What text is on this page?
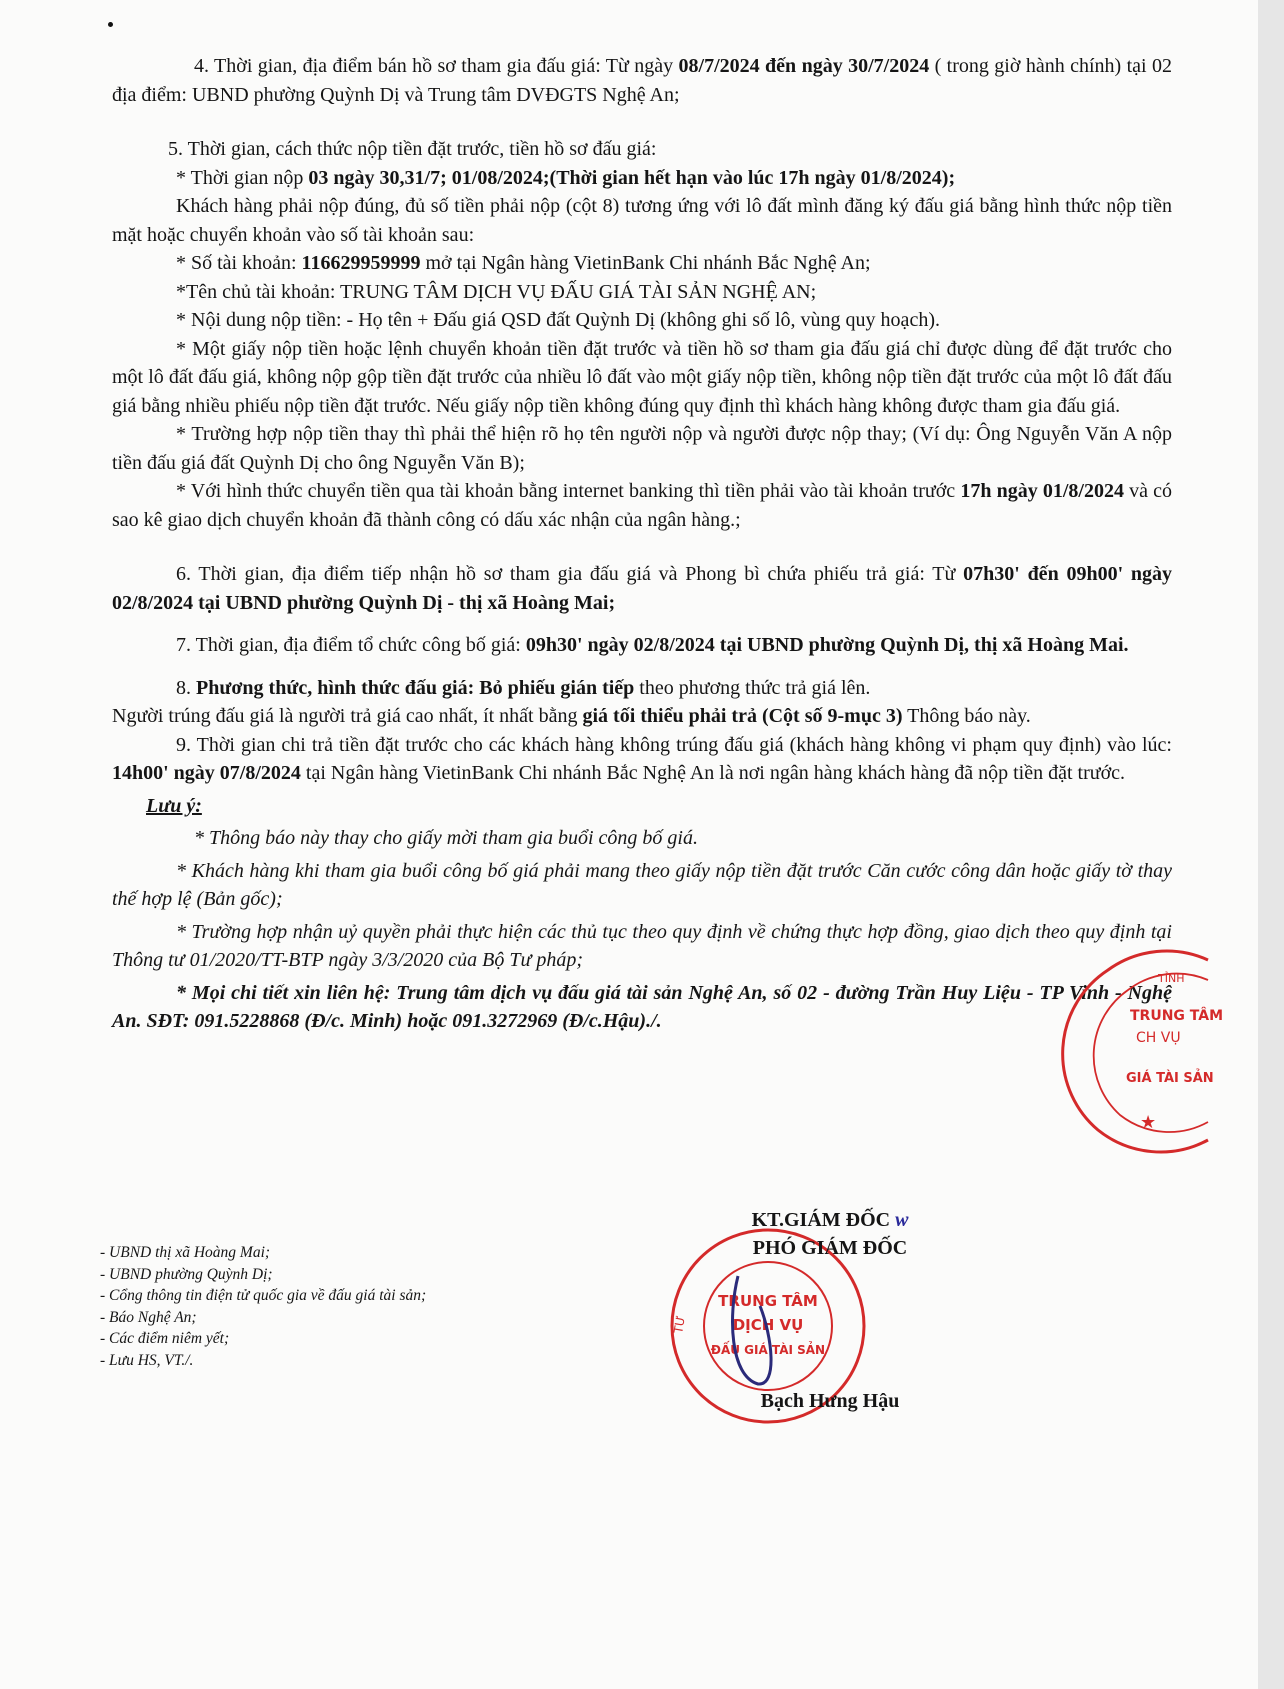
4. Thời gian, địa điểm bán hồ sơ tham gia đấu giá: Từ ngày 08/7/2024 đến ngày 30/7/2024 ( trong giờ hành chính) tại 02 địa điểm: UBND phường Quỳnh Dị và Trung tâm DVĐGTS Nghệ An;

5. Thời gian, cách thức nộp tiền đặt trước, tiền hồ sơ đấu giá:

* Thời gian nộp 03 ngày 30,31/7; 01/08/2024;(Thời gian hết hạn vào lúc 17h ngày 01/8/2024);

Khách hàng phải nộp đúng, đủ số tiền phải nộp (cột 8) tương ứng với lô đất mình đăng ký đấu giá bằng hình thức nộp tiền mặt hoặc chuyển khoản vào số tài khoản sau:

* Số tài khoản: 116629959999 mở tại Ngân hàng VietinBank Chi nhánh Bắc Nghệ An;

*Tên chủ tài khoản: TRUNG TÂM DỊCH VỤ ĐẤU GIÁ TÀI SẢN NGHỆ AN;

* Nội dung nộp tiền: - Họ tên + Đấu giá QSD đất Quỳnh Dị (không ghi số lô, vùng quy hoạch).

* Một giấy nộp tiền hoặc lệnh chuyển khoản tiền đặt trước và tiền hồ sơ tham gia đấu giá chỉ được dùng để đặt trước cho một lô đất đấu giá, không nộp gộp tiền đặt trước của nhiều lô đất vào một giấy nộp tiền, không nộp tiền đặt trước của một lô đất đấu giá bằng nhiều phiếu nộp tiền đặt trước. Nếu giấy nộp tiền không đúng quy định thì khách hàng không được tham gia đấu giá.

* Trường hợp nộp tiền thay thì phải thể hiện rõ họ tên người nộp và người được nộp thay; (Ví dụ: Ông Nguyễn Văn A nộp tiền đấu giá đất Quỳnh Dị cho ông Nguyễn Văn B);

* Với hình thức chuyển tiền qua tài khoản bằng internet banking thì tiền phải vào tài khoản trước 17h ngày 01/8/2024 và có sao kê giao dịch chuyển khoản đã thành công có dấu xác nhận của ngân hàng.;

6. Thời gian, địa điểm tiếp nhận hồ sơ tham gia đấu giá và Phong bì chứa phiếu trả giá: Từ 07h30' đến 09h00' ngày 02/8/2024 tại UBND phường Quỳnh Dị - thị xã Hoàng Mai;

7. Thời gian, địa điểm tổ chức công bố giá: 09h30' ngày 02/8/2024 tại UBND phường Quỳnh Dị, thị xã Hoàng Mai.

8. Phương thức, hình thức đấu giá: Bỏ phiếu gián tiếp theo phương thức trả giá lên.

Người trúng đấu giá là người trả giá cao nhất, ít nhất bằng giá tối thiểu phải trả (Cột số 9-mục 3) Thông báo này.

9. Thời gian chi trả tiền đặt trước cho các khách hàng không trúng đấu giá (khách hàng không vi phạm quy định) vào lúc: 14h00' ngày 07/8/2024 tại Ngân hàng VietinBank Chi nhánh Bắc Nghệ An là nơi ngân hàng khách hàng đã nộp tiền đặt trước.

Lưu ý:

* Thông báo này thay cho giấy mời tham gia buổi công bố giá.

* Khách hàng khi tham gia buổi công bố giá phải mang theo giấy nộp tiền đặt trước Căn cước công dân hoặc giấy tờ thay thế hợp lệ (Bản gốc);

* Trường hợp nhận uỷ quyền phải thực hiện các thủ tục theo quy định về chứng thực hợp đồng, giao dịch theo quy định tại Thông tư 01/2020/TT-BTP ngày 3/3/2020 của Bộ Tư pháp;

* Mọi chi tiết xin liên hệ: Trung tâm dịch vụ đấu giá tài sản Nghệ An, số 02 - đường Trần Huy Liệu - TP Vinh - Nghệ An. SĐT: 091.5228868 (Đ/c. Minh) hoặc 091.3272969 (Đ/c.Hậu)./.

- UBND thị xã Hoàng Mai;
- UBND phường Quỳnh Dị;
- Cổng thông tin điện tử quốc gia về đấu giá tài sản;
- Báo Nghệ An;
- Các điểm niêm yết;
- Lưu HS, VT./.
TỈNH
TRUNG TÂM
CH VỤ
GIÁ TÀI SẢN
★
TƯ
TRUNG TÂM
DỊCH VỤ
ĐẤU GIÁ TÀI SẢN
KT.GIÁM ĐỐC w
PHÓ GIÁM ĐỐC
Bạch Hưng Hậu
